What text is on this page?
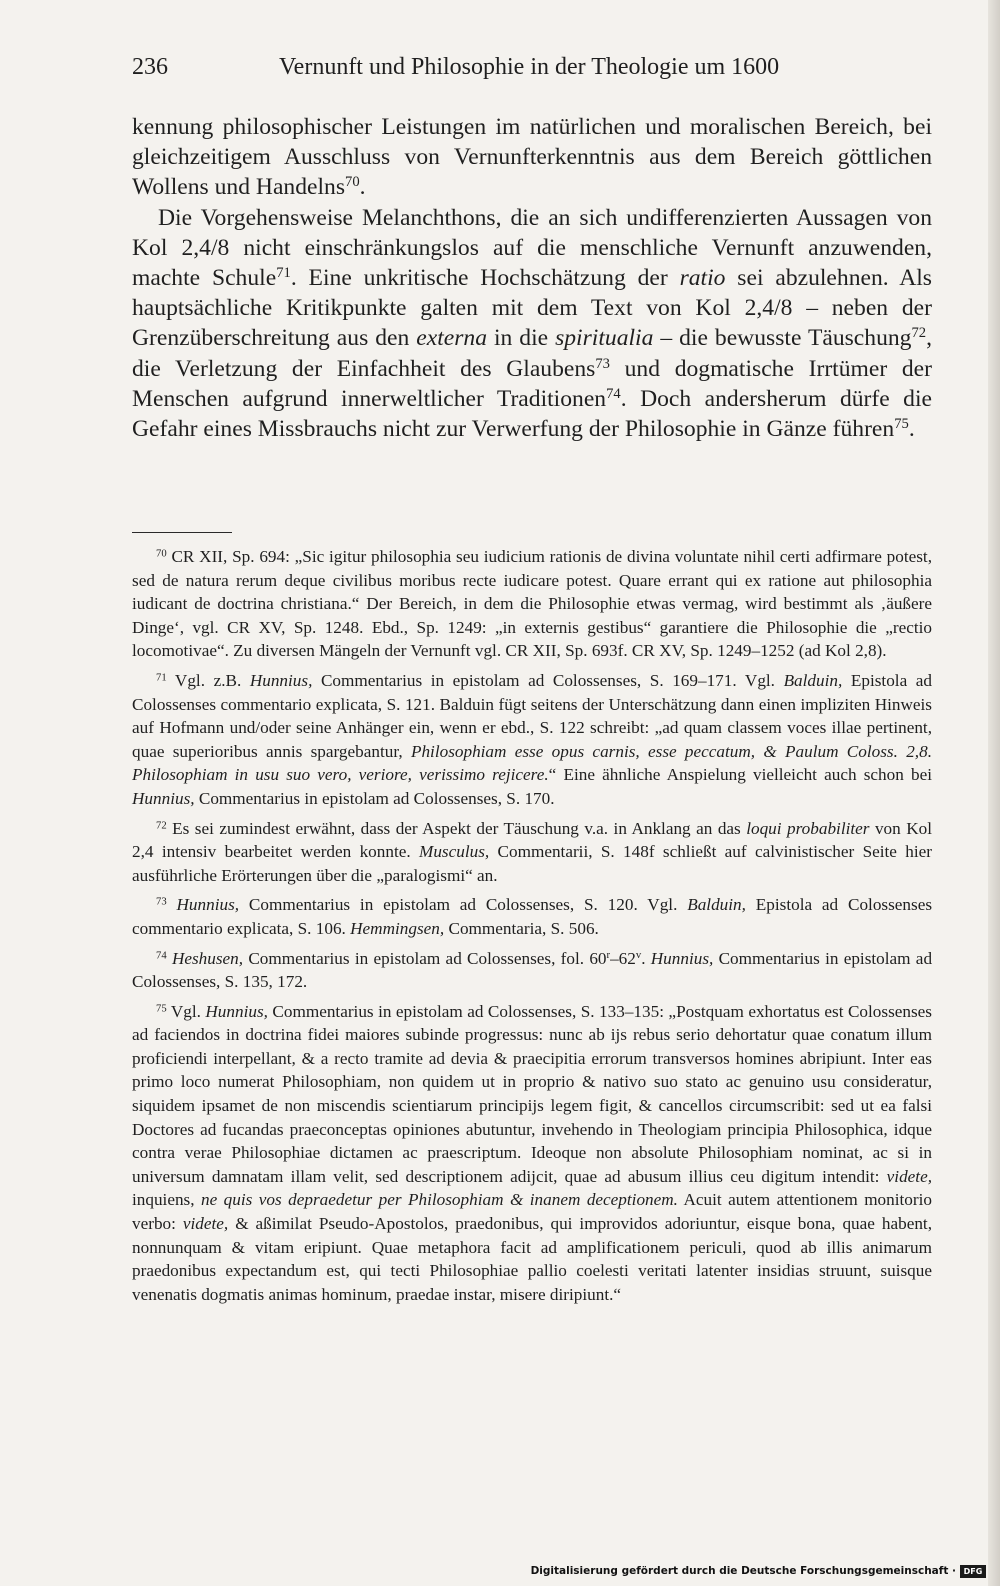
236	Vernunft und Philosophie in der Theologie um 1600

kennung philosophischer Leistungen im natürlichen und moralischen Bereich, bei gleichzeitigem Ausschluss von Vernunfterkenntnis aus dem Bereich göttlichen Wollens und Handelns$^{70}$.

Die Vorgehensweise Melanchthons, die an sich undifferenzierten Aussagen von Kol 2,4/8 nicht einschränkungslos auf die menschliche Vernunft anzuwenden, machte Schule$^{71}$. Eine unkritische Hochschätzung der ratio sei abzulehnen. Als hauptsächliche Kritikpunkte galten mit dem Text von Kol 2,4/8 – neben der Grenzüberschreitung aus den externa in die spiritualia – die bewusste Täuschung$^{72}$, die Verletzung der Einfachheit des Glaubens$^{73}$ und dogmatische Irrtümer der Menschen aufgrund innerweltlicher Traditionen$^{74}$. Doch andersherum dürfe die Gefahr eines Missbrauchs nicht zur Verwerfung der Philosophie in Gänze führen$^{75}$.

$^{70}$ CR XII, Sp. 694: „Sic igitur philosophia seu iudicium rationis de divina voluntate nihil certi adfirmare potest, sed de natura rerum deque civilibus moribus recte iudicare potest. Quare errant qui ex ratione aut philosophia iudicant de doctrina christiana.“ Der Bereich, in dem die Philosophie etwas vermag, wird bestimmt als ‚äußere Dinge‘, vgl. CR XV, Sp. 1248. Ebd., Sp. 1249: „in externis gestibus“ garantiere die Philosophie die „rectio locomotivae“. Zu diversen Mängeln der Vernunft vgl. CR XII, Sp. 693f. CR XV, Sp. 1249–1252 (ad Kol 2,8).

$^{71}$ Vgl. z.B. Hunnius, Commentarius in epistolam ad Colossenses, S. 169–171. Vgl. Balduin, Epistola ad Colossenses commentario explicata, S. 121. Balduin fügt seitens der Unterschätzung dann einen impliziten Hinweis auf Hofmann und/oder seine Anhänger ein, wenn er ebd., S. 122 schreibt: „ad quam classem voces illae pertinent, quae superioribus annis spargebantur, Philosophiam esse opus carnis, esse peccatum, & Paulum Coloss. 2,8. Philosophiam in usu suo vero, veriore, verissimo rejicere.“ Eine ähnliche Anspielung vielleicht auch schon bei Hunnius, Commentarius in epistolam ad Colossenses, S. 170.

$^{72}$ Es sei zumindest erwähnt, dass der Aspekt der Täuschung v.a. in Anklang an das loqui probabiliter von Kol 2,4 intensiv bearbeitet werden konnte. Musculus, Commentarii, S. 148f schließt auf calvinistischer Seite hier ausführliche Erörterungen über die „paralogismi“ an.

$^{73}$ Hunnius, Commentarius in epistolam ad Colossenses, S. 120. Vgl. Balduin, Epistola ad Colossenses commentario explicata, S. 106. Hemmingsen, Commentaria, S. 506.

$^{74}$ Heshusen, Commentarius in epistolam ad Colossenses, fol. 60$^r$–62$^v$. Hunnius, Commentarius in epistolam ad Colossenses, S. 135, 172.

$^{75}$ Vgl. Hunnius, Commentarius in epistolam ad Colossenses, S. 133–135: „Postquam exhortatus est Colossenses ad faciendos in doctrina fidei maiores subinde progressus: nunc ab ijs rebus serio dehortatur quae conatum illum proficiendi interpellant, & a recto tramite ad devia & praecipitia errorum transversos homines abripiunt. Inter eas primo loco numerat Philosophiam, non quidem ut in proprio & nativo suo stato ac genuino usu consideratur, siquidem ipsamet de non miscendis scientiarum principijs legem figit, & cancellos circumscribit: sed ut ea falsi Doctores ad fucandas praeconceptas opiniones abutuntur, invehendo in Theologiam principia Philosophica, idque contra verae Philosophiae dictamen ac praescriptum. Ideoque non absolute Philosophiam nominat, ac si in universum damnatam illam velit, sed descriptionem adijcit, quae ad abusum illius ceu digitum intendit: videte, inquiens, ne quis vos depraedetur per Philosophiam & inanem deceptionem. Acuit autem attentionem monitorio verbo: videte, & aßimilat Pseudo-Apostolos, praedonibus, qui improvidos adoriuntur, eisque bona, quae habent, nonnunquam & vitam eripiunt. Quae metaphora facit ad amplificationem periculi, quod ab illis animarum praedonibus expectandum est, qui tecti Philosophiae pallio coelesti veritati latenter insidias struunt, suisque venenatis dogmatis animas hominum, praedae instar, misere diripiunt.“

Digitalisierung gefördert durch die Deutsche Forschungsgemeinschaft · DFG
